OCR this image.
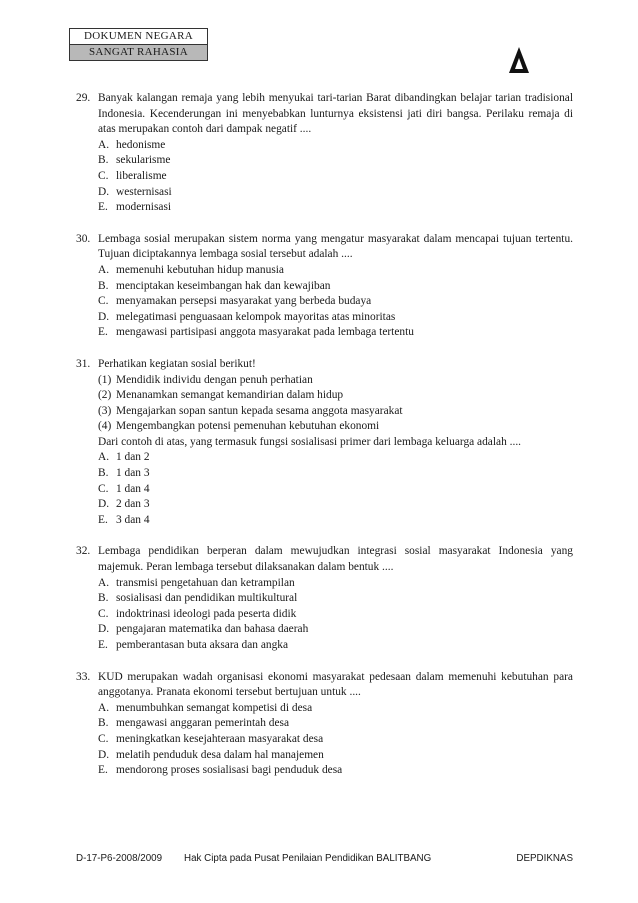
DOKUMEN NEGARA
SANGAT RAHASIA
29. Banyak kalangan remaja yang lebih menyukai tari-tarian Barat dibandingkan belajar tarian tradisional Indonesia. Kecenderungan ini menyebabkan lunturnya eksistensi jati diri bangsa. Perilaku remaja di atas merupakan contoh dari dampak negatif ....
A. hedonisme
B. sekularisme
C. liberalisme
D. westernisasi
E. modernisasi
30. Lembaga sosial merupakan sistem norma yang mengatur masyarakat dalam mencapai tujuan tertentu. Tujuan diciptakannya lembaga sosial tersebut adalah ....
A. memenuhi kebutuhan hidup manusia
B. menciptakan keseimbangan hak dan kewajiban
C. menyamakan persepsi masyarakat yang berbeda budaya
D. melegatimasi penguasaan kelompok mayoritas atas minoritas
E. mengawasi partisipasi anggota masyarakat pada lembaga tertentu
31. Perhatikan kegiatan sosial berikut!
(1) Mendidik individu dengan penuh perhatian
(2) Menanamkan semangat kemandirian dalam hidup
(3) Mengajarkan sopan santun kepada sesama anggota masyarakat
(4) Mengembangkan potensi pemenuhan kebutuhan ekonomi
Dari contoh di atas, yang termasuk fungsi sosialisasi primer dari lembaga keluarga adalah ....
A. 1 dan 2
B. 1 dan 3
C. 1 dan 4
D. 2 dan 3
E. 3 dan 4
32. Lembaga pendidikan berperan dalam mewujudkan integrasi sosial masyarakat Indonesia yang majemuk. Peran lembaga tersebut dilaksanakan dalam bentuk ....
A. transmisi pengetahuan dan ketrampilan
B. sosialisasi dan pendidikan multikultural
C. indoktrinasi ideologi pada peserta didik
D. pengajaran matematika dan bahasa daerah
E. pemberantasan buta aksara dan angka
33. KUD merupakan wadah organisasi ekonomi masyarakat pedesaan dalam memenuhi kebutuhan para anggotanya. Pranata ekonomi tersebut bertujuan untuk ....
A. menumbuhkan semangat kompetisi di desa
B. mengawasi anggaran pemerintah desa
C. meningkatkan kesejahteraan masyarakat desa
D. melatih penduduk desa dalam hal manajemen
E. mendorong proses sosialisasi bagi penduduk desa
D-17-P6-2008/2009 Hak Cipta pada Pusat Penilaian Pendidikan BALITBANG	DEPDIKNAS
